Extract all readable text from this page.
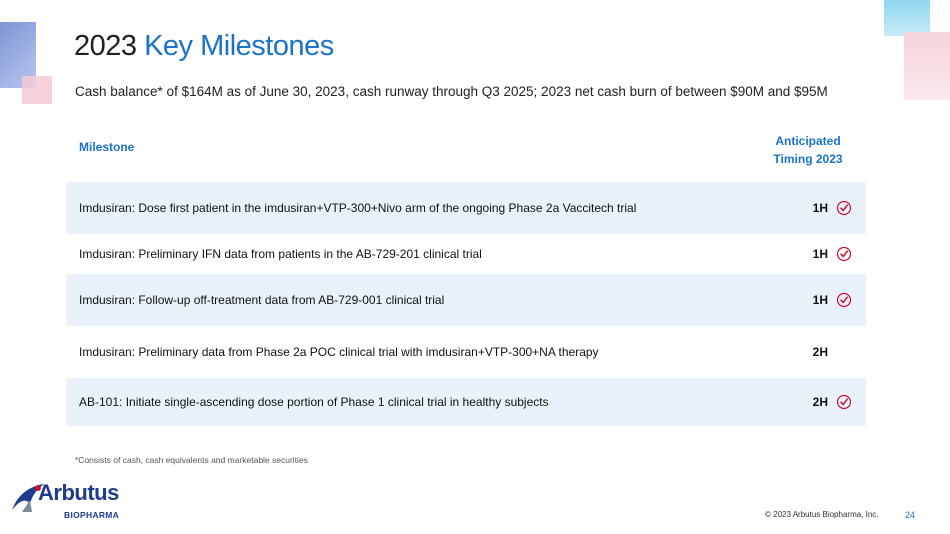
2023 Key Milestones
Cash balance* of $164M as of June 30, 2023, cash runway through Q3 2025; 2023 net cash burn of between $90M and $95M
Milestone	Anticipated
Timing 2023
Imdusiran: Dose first patient in the imdusiran+VTP-300+Nivo arm of the ongoing Phase 2a Vaccitech trial	1H
Imdusiran: Preliminary IFN data from patients in the AB-729-201 clinical trial	1H
Imdusiran: Follow-up off-treatment data from AB-729-001 clinical trial	1H
Imdusiran: Preliminary data from Phase 2a POC clinical trial with imdusiran+VTP-300+NA therapy	2H
AB-101: Initiate single-ascending dose portion of Phase 1 clinical trial in healthy subjects	2H
*Consists of cash, cash equivalents and marketable securities
Arbutus
BIOPHARMA	© 2023 Arbutus Biopharma, Inc.	24
